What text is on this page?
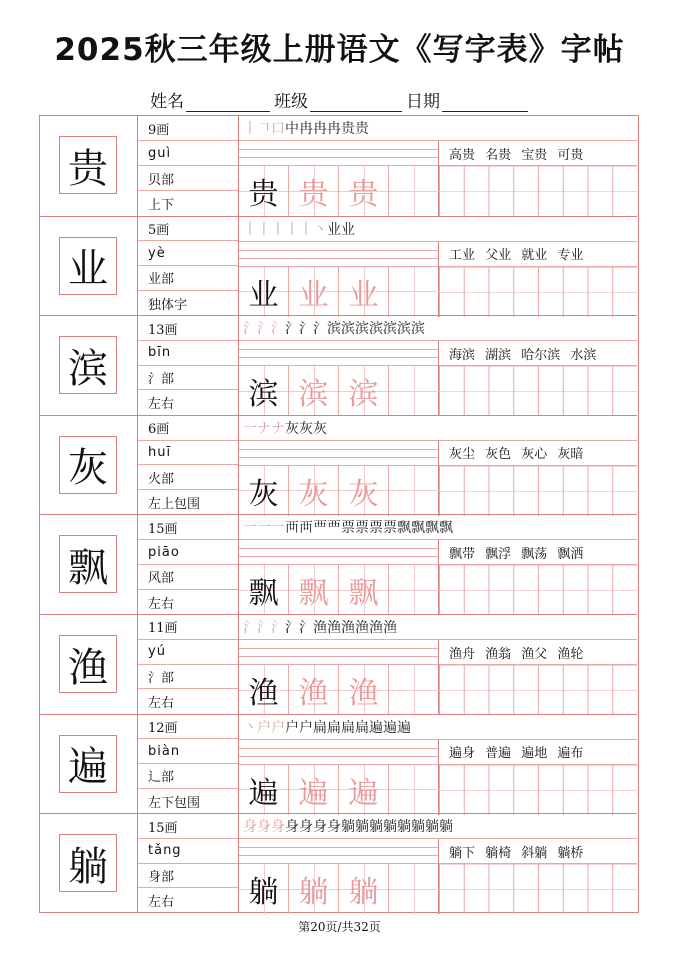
2025秋三年级上册语文《写字表》字帖
姓名	班级	日期
贵
9画
guì
贝部
上下
丨 𠃍 口 中 冉 冉 冉 贵 贵
贵 贵 贵
高贵 名贵 宝贵 可贵
业
5画
yè
业部
独体字
丨 丨丨 丨丨丶 业 业
业 业 业
工业 父业 就业 专业
滨
13画
bīn
氵部
左右
氵 氵 氵 氵 氵 氵 滨 滨 滨 滨 滨 滨 滨
滨 滨 滨
海滨 湖滨 哈尔滨 水滨
灰
6画
huī
火部
左上包围
一 ナ ナ 灰 灰 灰
灰 灰 灰
灰尘 灰色 灰心 灰暗
飘
15画
piāo
风部
左右
一 一 一 襾 襾 覀 覀 票 票 票 票 飘 飘 飘 飘
飘 飘 飘
飘带 飘浮 飘荡 飘洒
渔
11画
yú
氵部
左右
氵 氵 氵 氵 氵 渔 渔 渔 渔 渔 渔
渔 渔 渔
渔舟 渔翁 渔父 渔轮
遍
12画
biàn
辶部
左下包围
丶 户 户 户 户 扁 扁 扁 扁 遍 遍 遍
遍 遍 遍
遍身 普遍 遍地 遍布
躺
15画
tǎng
身部
左右
身 身 身 身 身 身 身 躺 躺 躺 躺 躺 躺 躺 躺
躺 躺 躺
躺下 躺椅 斜躺 躺桥
第20页/共32页
